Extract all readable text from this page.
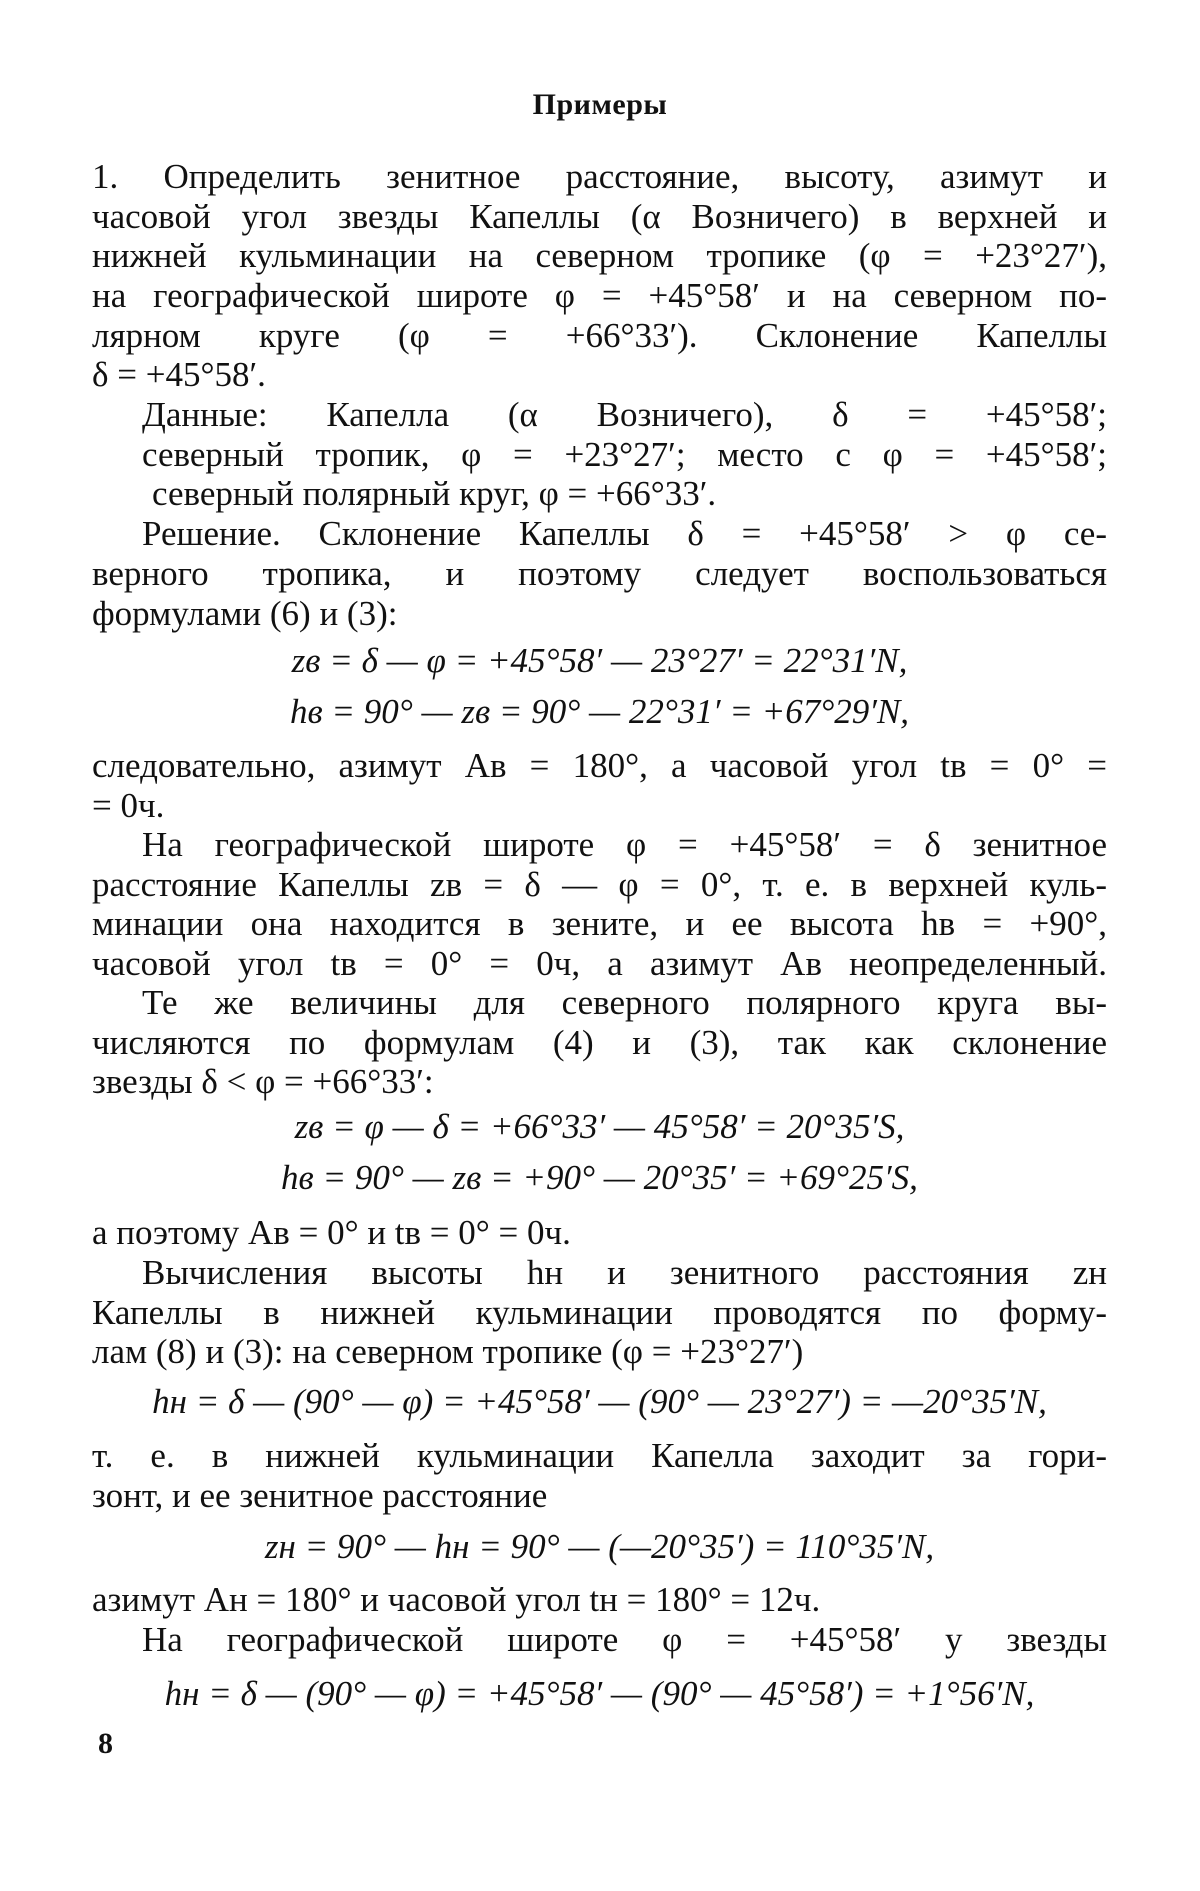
Примеры
1. Определить зенитное расстояние, высоту, азимут и
часовой угол звезды Капеллы (α Возничего) в верхней и
нижней кульминации на северном тропике (φ = +23°27′),
на географической широте φ = +45°58′ и на северном по-
лярном круге (φ = +66°33′). Склонение Капеллы
δ = +45°58′.
Данные: Капелла (α Возничего), δ = +45°58′;
северный тропик, φ = +23°27′; место с φ = +45°58′;
северный полярный круг, φ = +66°33′.
Решение. Склонение Капеллы δ = +45°58′ > φ се-
верного тропика, и поэтому следует воспользоваться
формулами (6) и (3):
zв = δ — φ = +45°58′ — 23°27′ = 22°31′N,
hв = 90° — zв = 90° — 22°31′ = +67°29′N,
следовательно, азимут Aв = 180°, а часовой угол tв = 0° =
= 0ч.
На географической широте φ = +45°58′ = δ зенитное
расстояние Капеллы zв = δ — φ = 0°, т. е. в верхней куль-
минации она находится в зените, и ее высота hв = +90°,
часовой угол tв = 0° = 0ч, а азимут Aв неопределенный.
Те же величины для северного полярного круга вы-
числяются по формулам (4) и (3), так как склонение
звезды δ < φ = +66°33′:
zв = φ — δ = +66°33′ — 45°58′ = 20°35′S,
hв = 90° — zв = +90° — 20°35′ = +69°25′S,
а поэтому Aв = 0° и tв = 0° = 0ч.
Вычисления высоты hн и зенитного расстояния zн
Капеллы в нижней кульминации проводятся по форму-
лам (8) и (3): на северном тропике (φ = +23°27′)
hн = δ — (90° — φ) = +45°58′ — (90° — 23°27′) = —20°35′N,
т. е. в нижней кульминации Капелла заходит за гори-
зонт, и ее зенитное расстояние
zн = 90° — hн = 90° — (—20°35′) = 110°35′N,
азимут Aн = 180° и часовой угол tн = 180° = 12ч.
На географической широте φ = +45°58′ у звезды
hн = δ — (90° — φ) = +45°58′ — (90° — 45°58′) = +1°56′N,
8
